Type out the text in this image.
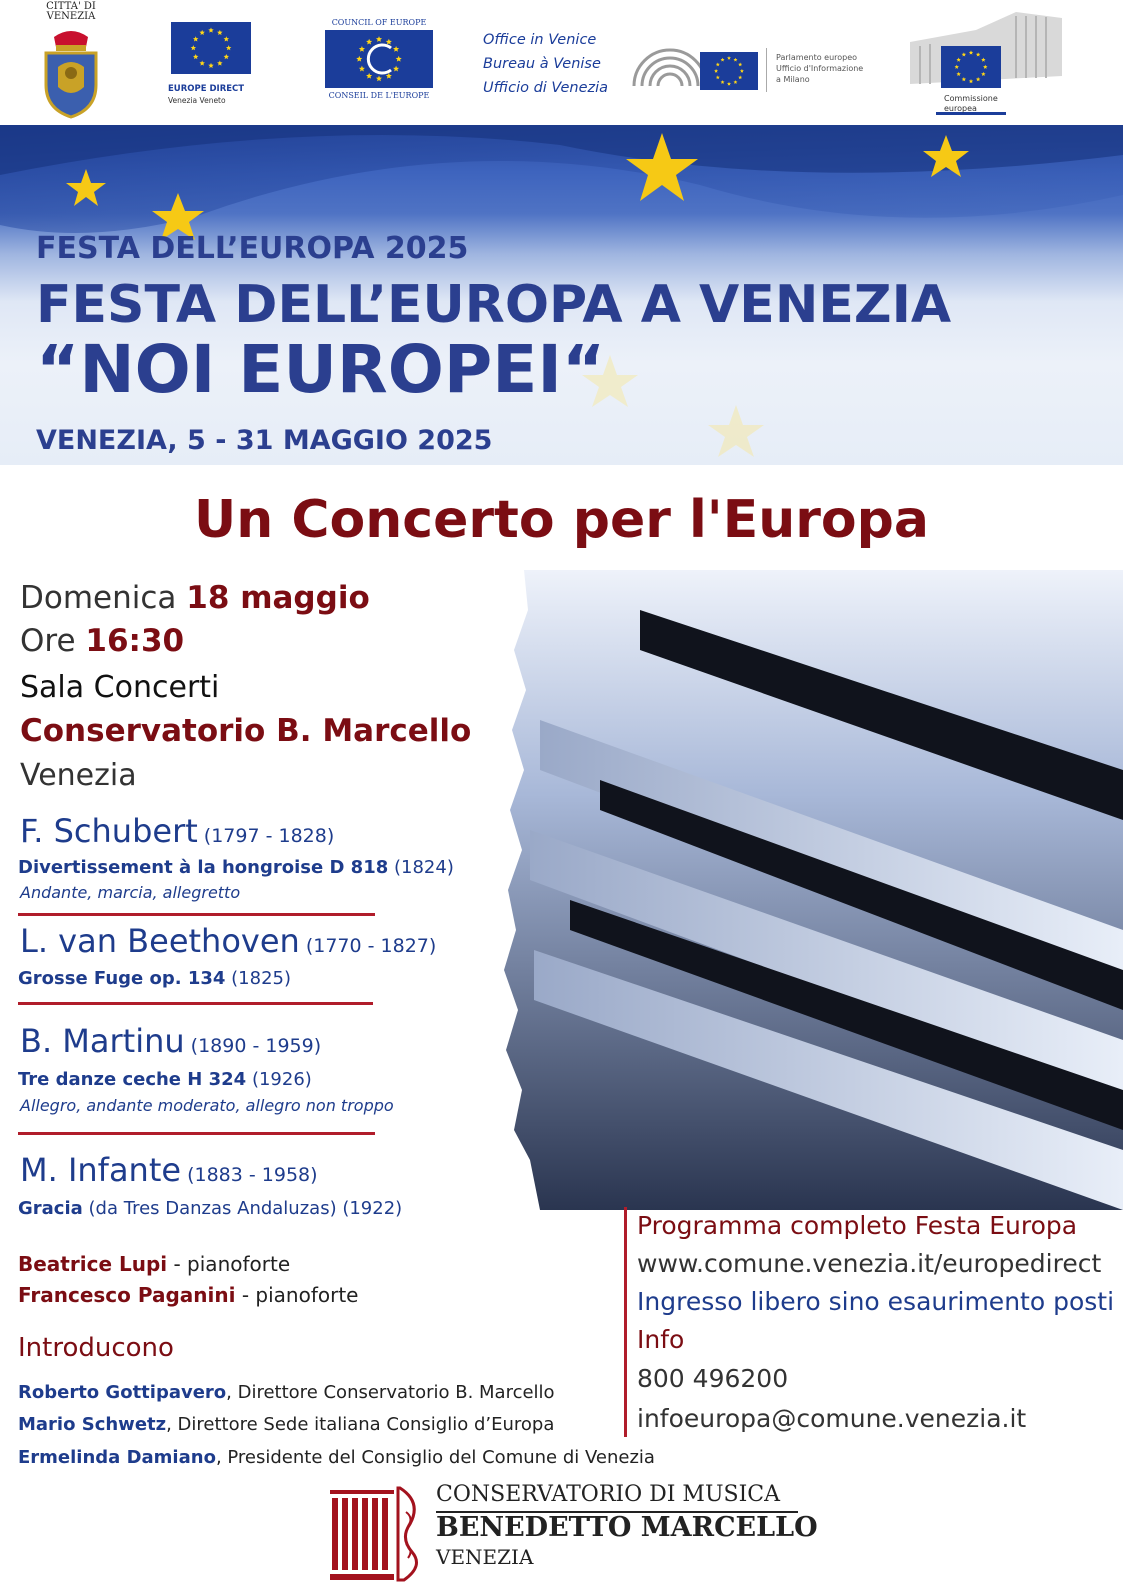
CITTA' DI VENEZIA
EUROPE DIRECT
Venezia Veneto
COUNCIL OF EUROPE
CONSEIL DE L'EUROPE
Office in Venice
Bureau à Venise
Ufficio di Venezia
Parlamento europeo
Ufficio d'Informazione
a Milano
Commissione
europea
FESTA DELL’EUROPA 2025
FESTA DELL’EUROPA A VENEZIA
“NOI EUROPEI“
VENEZIA, 5 - 31 MAGGIO 2025
Un Concerto per l'Europa
Domenica 18 maggio
Ore 16:30
Sala Concerti
Conservatorio B. Marcello
Venezia
F. Schubert (1797 - 1828)
Divertissement à la hongroise D 818 (1824)
Andante, marcia, allegretto
L. van Beethoven (1770 - 1827)
Grosse Fuge op. 134 (1825)
B. Martinu (1890 - 1959)
Tre danze ceche H 324 (1926)
Allegro, andante moderato, allegro non troppo
M. Infante (1883 - 1958)
Gracia (da Tres Danzas Andaluzas) (1922)
Beatrice Lupi - pianoforte
Francesco Paganini - pianoforte
Introducono
Roberto Gottipavero, Direttore Conservatorio B. Marcello
Mario Schwetz, Direttore Sede italiana Consiglio d’Europa
Ermelinda Damiano, Presidente del Consiglio del Comune di Venezia
Programma completo Festa Europa
www.comune.venezia.it/europedirect
Ingresso libero sino esaurimento posti
Info
800 496200
infoeuropa@comune.venezia.it
CONSERVATORIO DI MUSICA
BENEDETTO MARCELLO
VENEZIA
